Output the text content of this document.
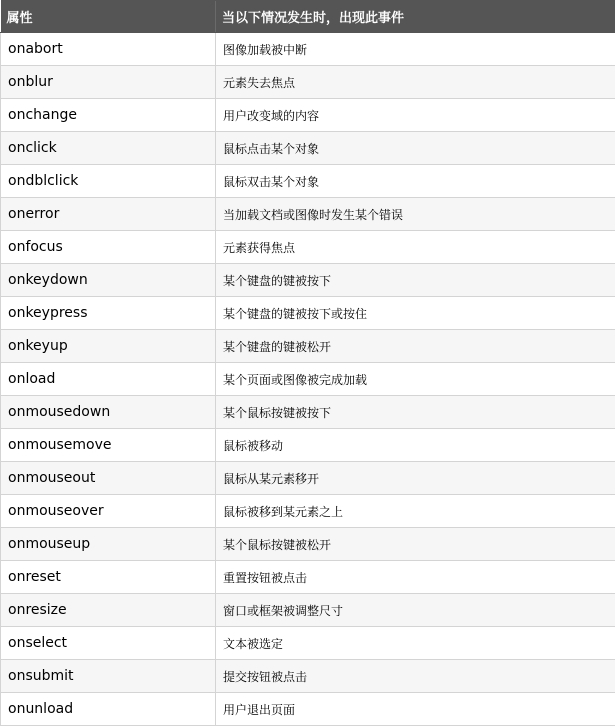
属性	当以下情况发生时，出现此事件
onabort	图像加载被中断
onblur	元素失去焦点
onchange	用户改变域的内容
onclick	鼠标点击某个对象
ondblclick	鼠标双击某个对象
onerror	当加载文档或图像时发生某个错误
onfocus	元素获得焦点
onkeydown	某个键盘的键被按下
onkeypress	某个键盘的键被按下或按住
onkeyup	某个键盘的键被松开
onload	某个页面或图像被完成加载
onmousedown	某个鼠标按键被按下
onmousemove	鼠标被移动
onmouseout	鼠标从某元素移开
onmouseover	鼠标被移到某元素之上
onmouseup	某个鼠标按键被松开
onreset	重置按钮被点击
onresize	窗口或框架被调整尺寸
onselect	文本被选定
onsubmit	提交按钮被点击
onunload	用户退出页面
